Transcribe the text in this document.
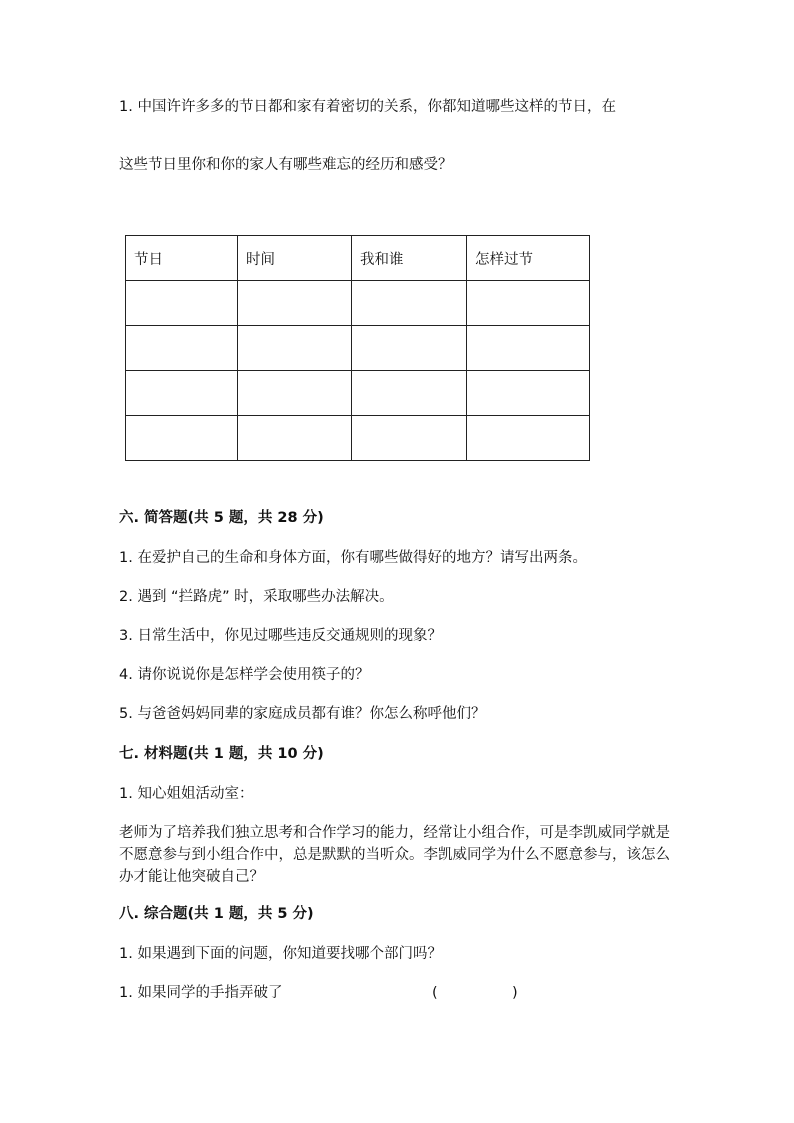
1. 中国许许多多的节日都和家有着密切的关系，你都知道哪些这样的节日，在
这些节日里你和你的家人有哪些难忘的经历和感受？
节日	时间	我和谁	怎样过节

六. 简答题(共 5 题，共 28 分)
1. 在爱护自己的生命和身体方面，你有哪些做得好的地方？请写出两条。
2. 遇到 “拦路虎” 时，采取哪些办法解决。
3. 日常生活中，你见过哪些违反交通规则的现象？
4. 请你说说你是怎样学会使用筷子的？
5. 与爸爸妈妈同辈的家庭成员都有谁？你怎么称呼他们？
七. 材料题(共 1 题，共 10 分)
1. 知心姐姐活动室：
老师为了培养我们独立思考和合作学习的能力，经常让小组合作，可是李凯威同学就是不愿意参与到小组合作中，总是默默的当听众。李凯威同学为什么不愿意参与，该怎么办才能让他突破自己？
八. 综合题(共 1 题，共 5 分)
1. 如果遇到下面的问题，你知道要找哪个部门吗？
1. 如果同学的手指弄破了	(	)
